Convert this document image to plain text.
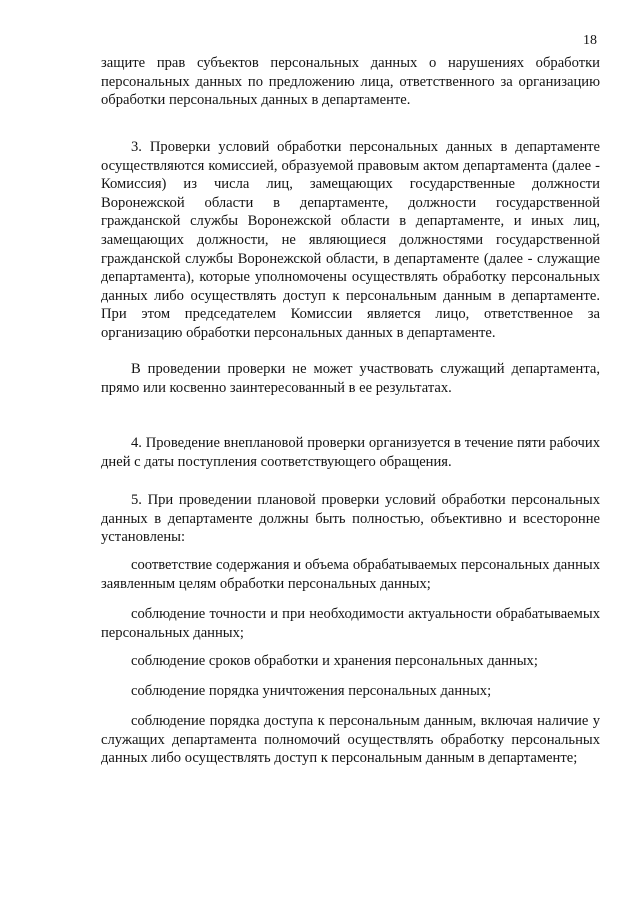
18

защите прав субъектов персональных данных о нарушениях обработки персональных данных по предложению лица, ответственного за организацию обработки персональных данных в департаменте.

3. Проверки условий обработки персональных данных в департаменте осуществляются комиссией, образуемой правовым актом департамента (далее - Комиссия) из числа лиц, замещающих государственные должности Воронежской области в департаменте, должности государственной гражданской службы Воронежской области в департаменте, и иных лиц, замещающих должности, не являющиеся должностями государственной гражданской службы Воронежской области, в департаменте (далее - служащие департамента), которые уполномочены осуществлять обработку персональных данных либо осуществлять доступ к персональным данным в департаменте. При этом председателем Комиссии является лицо, ответственное за организацию обработки персональных данных в департаменте.

В проведении проверки не может участвовать служащий департамента, прямо или косвенно заинтересованный в ее результатах.

4. Проведение внеплановой проверки организуется в течение пяти рабочих дней с даты поступления соответствующего обращения.

5. При проведении плановой проверки условий обработки персональных данных в департаменте должны быть полностью, объективно и всесторонне установлены:

соответствие содержания и объема обрабатываемых персональных данных заявленным целям обработки персональных данных;

соблюдение точности и при необходимости актуальности обрабатываемых персональных данных;

соблюдение сроков обработки и хранения персональных данных;

соблюдение порядка уничтожения персональных данных;

соблюдение порядка доступа к персональным данным, включая наличие у служащих департамента полномочий осуществлять обработку персональных данных либо осуществлять доступ к персональным данным в департаменте;
